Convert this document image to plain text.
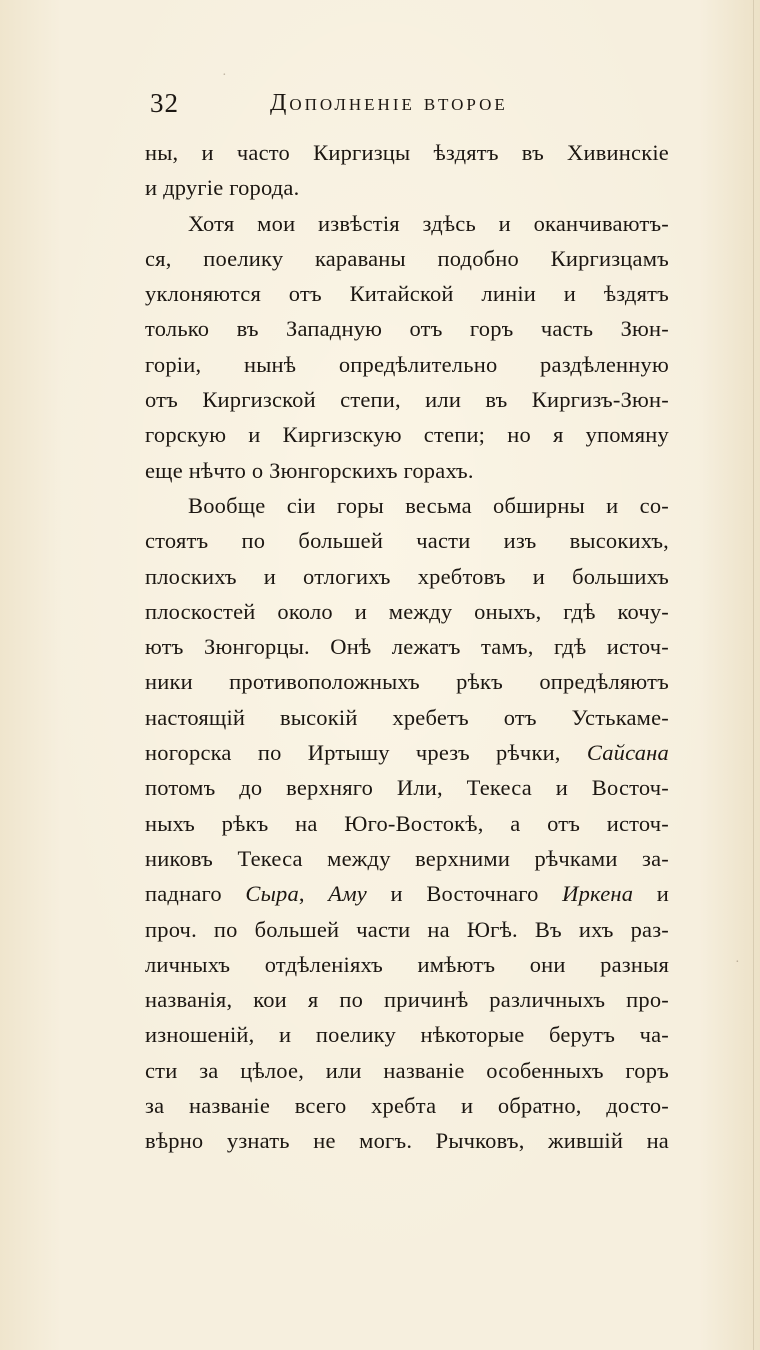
32	Дополненіе второе
ны, и часто Киргизцы ѣздятъ въ Хивинскіе
и другіе города.
Хотя мои извѣстія здѣсь и оканчиваютъ-
ся, поелику караваны подобно Киргизцамъ
уклоняются отъ Китайской линіи и ѣздятъ
только въ Западную отъ горъ часть Зюн-
горіи, нынѣ опредѣлительно раздѣленную
отъ Киргизской степи, или въ Киргизъ-Зюн-
горскую и Киргизскую степи; но я упомяну
еще нѣчто о Зюнгорскихъ горахъ.
Вообще сіи горы весьма обширны и со-
стоятъ по большей части изъ высокихъ,
плоскихъ и отлогихъ хребтовъ и большихъ
плоскостей около и между оныхъ, гдѣ кочу-
ютъ Зюнгорцы. Онѣ лежатъ тамъ, гдѣ источ-
ники противоположныхъ рѣкъ опредѣляютъ
настоящій высокій хребетъ отъ Устькаме-
ногорска по Иртышу чрезъ рѣчки, Сайсана
потомъ до верхняго Или, Текеса и Восточ-
ныхъ рѣкъ на Юго-Востокѣ, а отъ источ-
никовъ Текеса между верхними рѣчками за-
паднаго Сыра, Аму и Восточнаго Иркена и
проч. по большей части на Югѣ. Въ ихъ раз-
личныхъ отдѣленіяхъ имѣютъ они разныя
названія, кои я по причинѣ различныхъ про-
изношеній, и поелику нѣкоторые берутъ ча-
сти за цѣлое, или названіе особенныхъ горъ
за названіе всего хребта и обратно, досто-
вѣрно узнать не могъ. Рычковъ, жившій на
·
·
